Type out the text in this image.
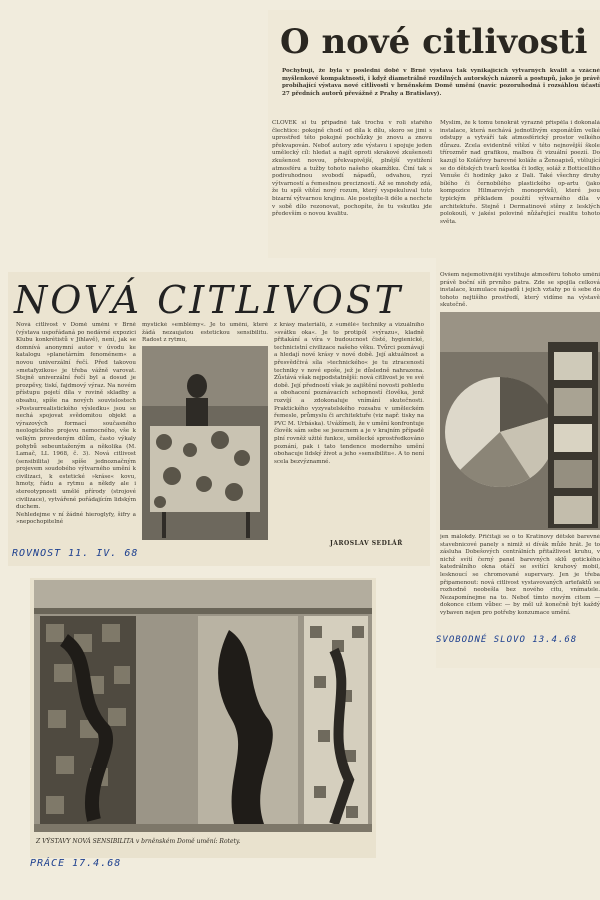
O nové citlivosti
Pochybuji, že byla v poslední době v Brně výstava tak vynikajících výtvarných kvalit a vzácné myšlenkové kompaktnosti, i když diametrálně rozdílných autorských názorů a postupů, jako je právě probíhající výstava nové citlivosti v brněnském Domě umění (navíc pozoruhodná i rozsáhlou účastí 27 předních autorů převážně z Prahy a Bratislavy).
ČLOVĚK si tu případně tak trochu v roli stařého člechtice: pokojně chodí od díla k dílu, skoro se jimi s uprostřed této pokojné pochůzky je znovu a znovu překvapován. Neboť autory zde výstavu i spojuje jeden umělecký cíl: hledat a najít oproti skrakové zkušenosti zkušenost novou, překvapivější, plnější vystižení atmosféru a tužby tohoto našeho okamžiku. Činí tak s podivuhodnou svobodí nápadů, odvahou, ryzí výtvarností a řemeslnou precizností. Až se mnohdy zdá, že tu spíš vítězí nový rozum, který vyspekuluval tuto bizarní výtvarnou krajinu. Ale postojíte-li déle a nechcte v sobě dílo rezonovat, pochopíte, že tu vskutku jde především o novou kvalitu.
Myslím, že k tomu tenokrát výrazně přispěla i dokonalá instalace, která nechává jednotlivým exponátům velké odstupy a vytváří tak atmosférický prostor velkého důrazu. Zcela evidentně vítězí v této nejnovější škole třírozměr nad grafikou, malbou či vizuální poezií. Do kazují to Kolářovy barevné koláže a Ženoapisů, vtělující se do dětských tvarů kostka či lodky, soláž z Botticelliho Venuše či hodinky jako z Dali. Také všechny druhy bílého či černobílého plastického op-artu (jako kompozice Hilmarových monoprvků), které jsou typickým příkladem použití výtvarného díla v architektuře. Stejně i Dermatinové stěny z lesklých polokoulí, v jakési polovině nůžařející realitu tohoto světa.
Ovšem nejemotivnější vystihuje atmosféru tohoto umění právě boční síň prvního patra. Zde se spojila celková instalace, kumulace nápadů i jejich vztahy po ú sebe do tohoto nejtišího prostředí, který vidíme na výstavě skutečně.
jen málokdy. Přičítají se o to Kratinovy dětské barevné stavebnicové panely s nimiž si dívák může hrát. Je to zásluha Dobešových centrálních přitažlivost kruhu, v nichž svítí černý panel barevných sklů gotického katedrálního okna otáčí se svítící kruhový mobil, lesknoucí se chromované supervary. Jen je třeba připamenout: nová citlivost vystavovaných artefaktů se rozhodně neobešla bez nového citu, vnímatele. Nezapomínejme na to. Neboť tímto novým citem — dokonce citem vůbec — by měl už konečně být každý vybaven nejen pro potřeby konzumace umění.
SVOBODNÉ SLOVO 13.4.68
NOVÁ CITLIVOST
Nová citlivost v Domě umění v Brně (výstava uspořádaná po nedávné expozici Klubu konkrétistů v Jihlavě), není, jak se domnívá anonymní autor v úvodu ke katalogu »planetárním fenoménem« a novou univerzální řečí. Před takovou »metafyzikou« je třeba vážně varovat. Stejně univerzální řečí byl a dosud je prozpěvy, tiskí, fajdmový výraz. Na novém přístupu pojetí díla v rovině skladby a obsahu, spíše na nových souvislostech »Postsurrealistického výsledku« jsou se nechá spojovat svědomitou objekt a výrazových formací současného neologického projevu nemocného, vše k velkým provedeným dílům, často výkaly pohybů sebeuntaženým a několika (M. Lamač, LL 1968, č. 3). Nová citlivost (sensibilita) je spíše jednoznačným projevem soudobého výtvarného umění k civilizaci, k estetické »kráse« kovu, hmoty, řádu a rytmu a někdy ale i stereotypnosti umělé přírody (strojové civilizace), vytvářené pořádajícím lidským duchem.
Nehledejme v ní žádné hieroglyfy, šifry a »nepochopitelné
mystické »emblémy«. Je to umění, které žádá nezaujatou estetickou sensibilitu. Radost z rytmu,
z krásy materiálů, z »umělé« techniky a vizuálního »svátku oka«. Je to protipól »výrazu«, kladně přitakání a víra v budoucnost čisté, hygienické, technicistní civilizace našeho věku. Tvůrci poznávají a hledají nové krásy v nové době. Její aktuálnost a přesvědčivá síla »technického« je tu ztraceností techniky v nové epoše, jež je důsledně nahrazena. Zůstává však nejpodstatnější: nová citlivost je ve své době. Její předností však je zajištění novosti pohledu a obohacení poznávacích schopností člověka, jenž rozvíjí a zdokonaluje vnímání skutečnosti. Praktického vyzyvatelského rozsahu v uměleckém řemesle, průmyslu či architektuře (viz např. tisky na PVC M. Urbáska). Uvážímeli, že v umění konfrontuje člověk sám sebe se jsoucnem a je v krajním případě plní rovněž užité funkce, umělecké sprostředkováno poznání, pak i tato tendence moderního umění obohacuje lidský život a jeho »sensibilitu«. A to není scela bezvýznamné.
JAROSLAV SEDLÁŘ
ROVNOST 11. IV. 68
Z VÝSTAVY NOVÁ SENSIBILITA v brněnském Domě umění: Rotety.
PRÁCE 17.4.68
